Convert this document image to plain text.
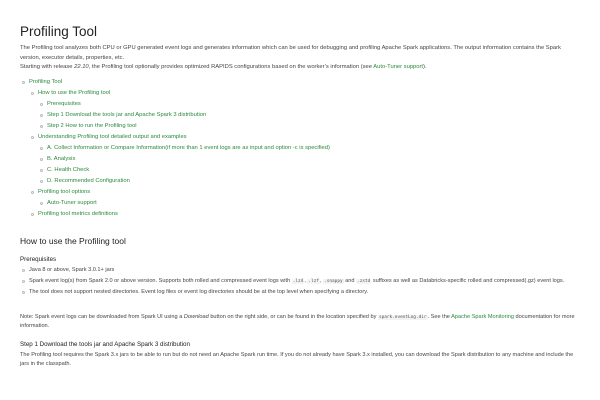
Profiling Tool

The Profiling tool analyzes both CPU or GPU generated event logs and generates information which can be used for debugging and profiling Apache Spark applications. The output information contains the Spark version, executor details, properties, etc.

Starting with release 22.10, the Profiling tool optionally provides optimized RAPIDS configurations based on the worker’s information (see Auto-Tuner support).

Profiling Tool
How to use the Profiling tool
Prerequisites
Step 1 Download the tools jar and Apache Spark 3 distribution
Step 2 How to run the Profiling tool
Understanding Profiling tool detailed output and examples
A. Collect Information or Compare Information(if more than 1 event logs are as input and option -c is specified)
B. Analysis
C. Health Check
D. Recommended Configuration
Profiling tool options
Auto-Tuner support
Profiling tool metrics definitions
How to use the Profiling tool
Prerequisites
Java 8 or above, Spark 3.0.1+ jars
Spark event log(s) from Spark 2.0 or above version. Supports both rolled and compressed event logs with .lz4, .lzf, .snappy and .zstd suffixes as well as Databricks-specific rolled and compressed(.gz) event logs.
The tool does not support nested directories. Event log files or event log directories should be at the top level when specifying a directory.

Note: Spark event logs can be downloaded from Spark UI using a Download button on the right side, or can be found in the location specified by spark.eventLog.dir. See the Apache Spark Monitoring documentation for more information.

Step 1 Download the tools jar and Apache Spark 3 distribution

The Profiling tool requires the Spark 3.x jars to be able to run but do not need an Apache Spark run time. If you do not already have Spark 3.x installed, you can download the Spark distribution to any machine and include the jars in the classpath.
